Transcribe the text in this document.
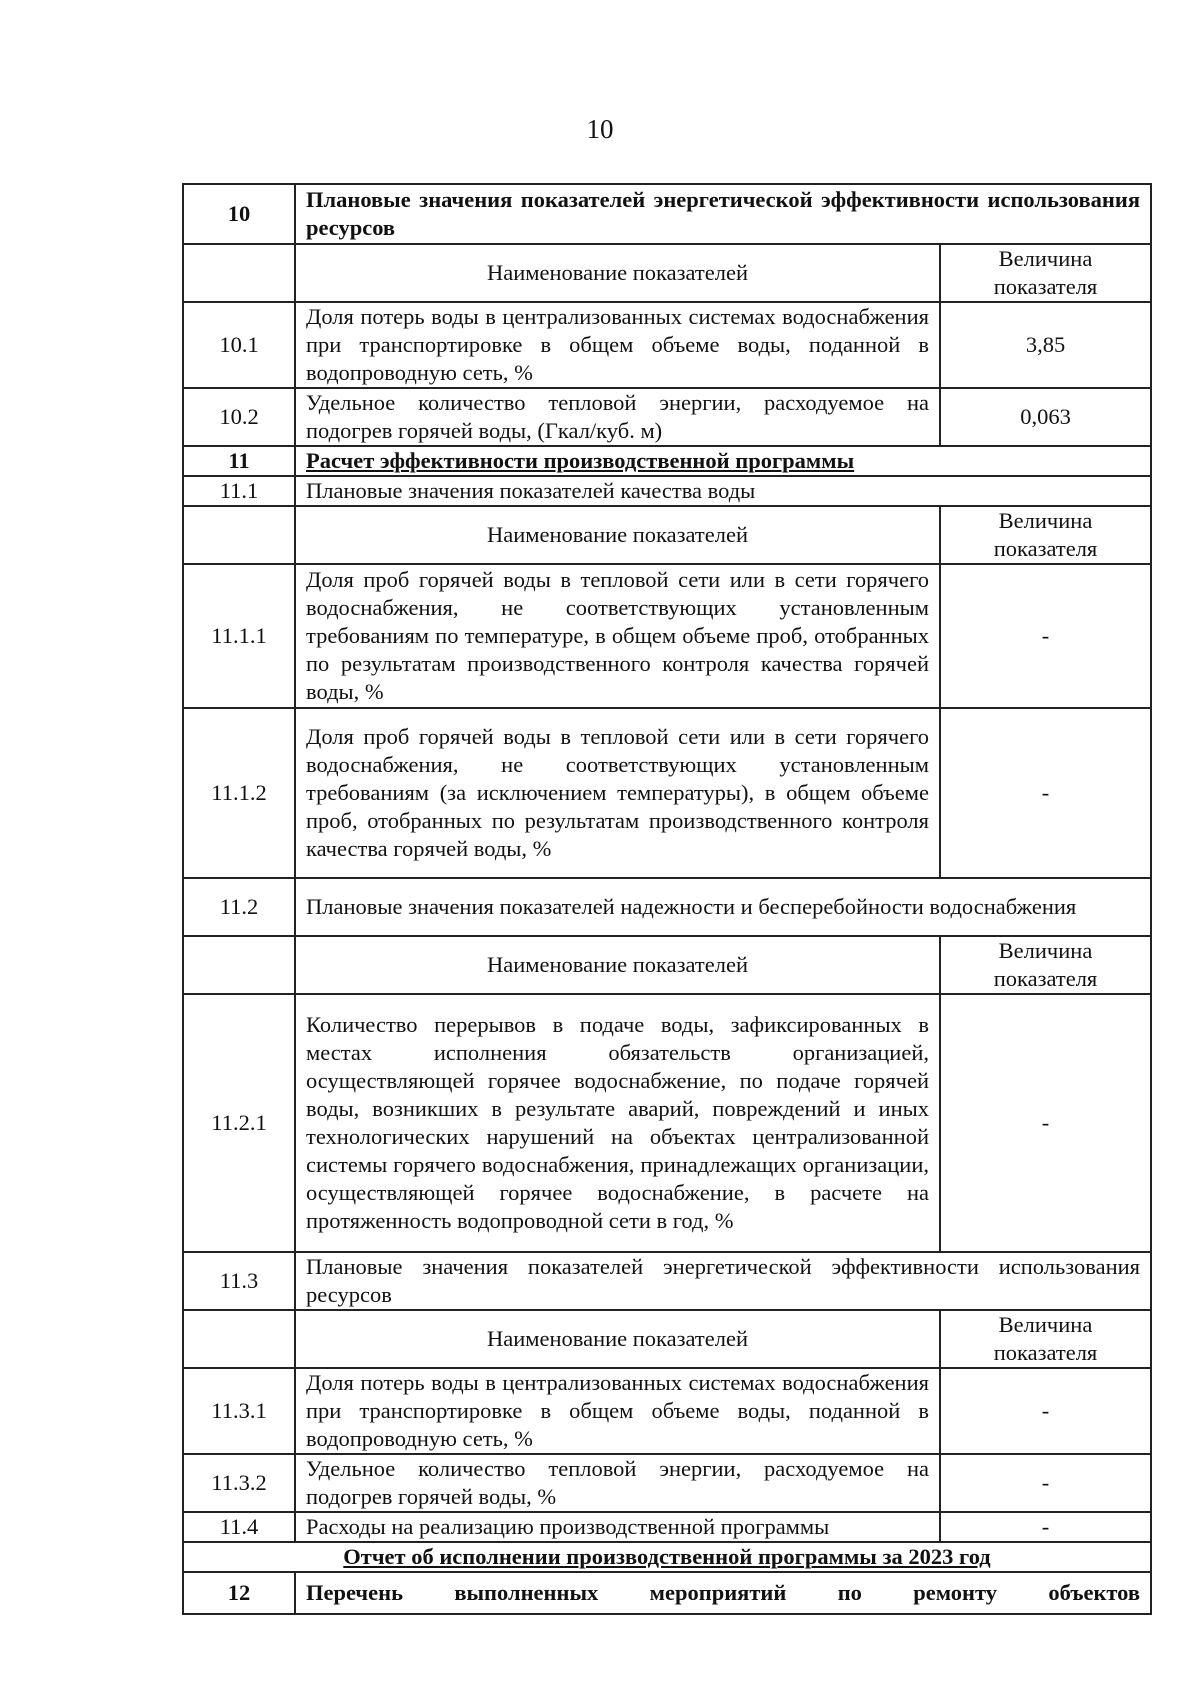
10
10	Плановые значения показателей энергетической эффективности использования ресурсов	
	Наименование показателей	Величина показателя
10.1	Доля потерь воды в централизованных системах водоснабжения при транспортировке в общем объеме воды, поданной в водопроводную сеть, %	3,85
10.2	Удельное количество тепловой энергии, расходуемое на подогрев горячей воды, (Гкал/куб. м)	0,063
11	Расчет эффективности производственной программы	
11.1	Плановые значения показателей качества воды	
	Наименование показателей	Величина показателя
11.1.1	Доля проб горячей воды в тепловой сети или в сети горячего водоснабжения, не соответствующих установленным требованиям по температуре, в общем объеме проб, отобранных по результатам производственного контроля качества горячей воды, %	-
11.1.2	Доля проб горячей воды в тепловой сети или в сети горячего водоснабжения, не соответствующих установленным требованиям (за исключением температуры), в общем объеме проб, отобранных по результатам производственного контроля качества горячей воды, %	-
11.2	Плановые значения показателей надежности и бесперебойности водоснабжения	
	Наименование показателей	Величина показателя
11.2.1	Количество перерывов в подаче воды, зафиксированных в местах исполнения обязательств организацией, осуществляющей горячее водоснабжение, по подаче горячей воды, возникших в результате аварий, повреждений и иных технологических нарушений на объектах централизованной системы горячего водоснабжения, принадлежащих организации, осуществляющей горячее водоснабжение, в расчете на протяженность водопроводной сети в год, %	-
11.3	Плановые значения показателей энергетической эффективности использования ресурсов	
	Наименование показателей	Величина показателя
11.3.1	Доля потерь воды в централизованных системах водоснабжения при транспортировке в общем объеме воды, поданной в водопроводную сеть, %	-
11.3.2	Удельное количество тепловой энергии, расходуемое на подогрев горячей воды, %	-
11.4	Расходы на реализацию производственной программы	-
Отчет об исполнении производственной программы за 2023 год		
12	Перечень выполненных мероприятий по ремонту объектов	
